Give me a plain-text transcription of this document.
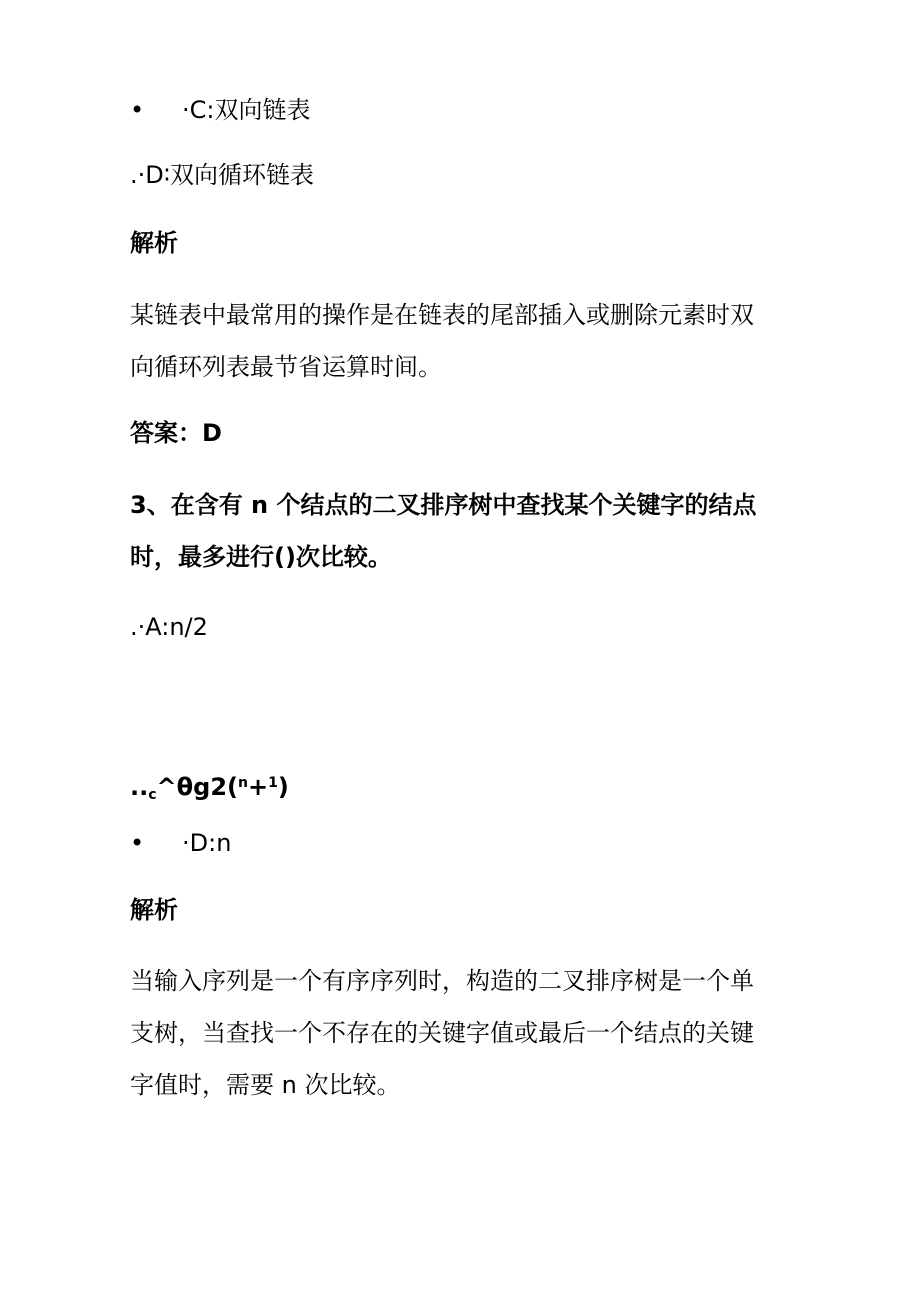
• ·C:双向链表
.·D∶双向循环链表
解析
某链表中最常用的操作是在链表的尾部插入或删除元素时双
向循环列表最节省运算时间。
答案：D
3、在含有 n 个结点的二叉排序树中查找某个关键字的结点
时，最多进行()次比较。
.·A:n/2
$.._c\^{}\theta g2(^n+^1)$
• ·D:n
解析
当输入序列是一个有序序列时，构造的二叉排序树是一个单
支树，当查找一个不存在的关键字值或最后一个结点的关键
字值时，需要 n 次比较。
